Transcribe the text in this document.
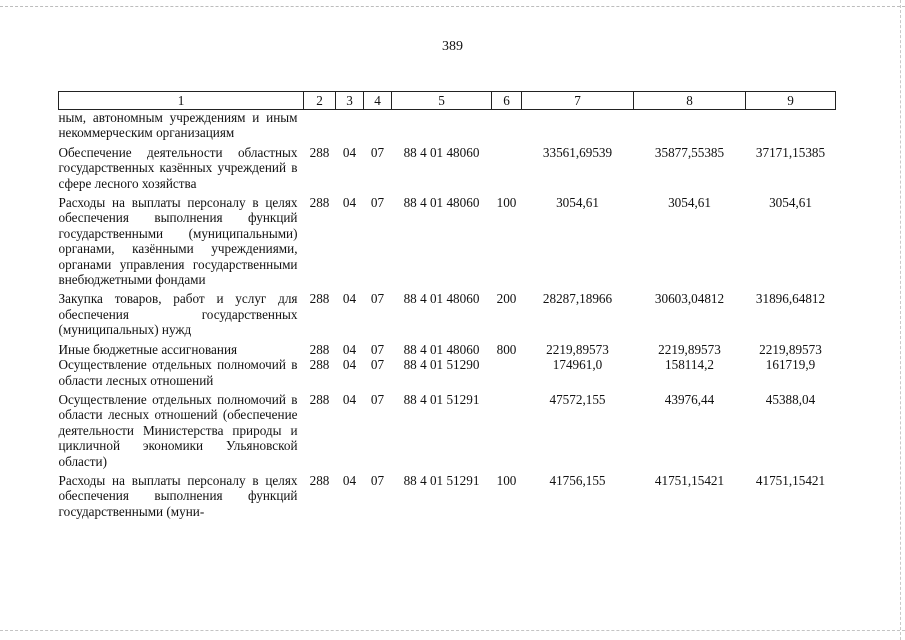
389
1	2	3	4	5	6	7	8	9
ным, автономным учреждениям и иным некоммерческим организациям								
Обеспечение деятельности областных государственных казённых учреждений в сфере лесного хозяйства	288	04	07	88 4 01 48060		33561,69539	35877,55385	37171,15385
Расходы на выплаты персоналу в целях обеспечения выполнения функций государственными (муниципальными) органами, казёнными учреждениями, органами управления государственными внебюджетными фондами	288	04	07	88 4 01 48060	100	3054,61	3054,61	3054,61
Закупка товаров, работ и услуг для обеспечения государственных (муниципальных) нужд	288	04	07	88 4 01 48060	200	28287,18966	30603,04812	31896,64812
Иные бюджетные ассигнования	288	04	07	88 4 01 48060	800	2219,89573	2219,89573	2219,89573
Осуществление отдельных полномочий в области лесных отношений	288	04	07	88 4 01 51290		174961,0	158114,2	161719,9
Осуществление отдельных полномочий в области лесных отношений (обеспечение деятельности Министерства природы и цикличной экономики Ульяновской области)	288	04	07	88 4 01 51291		47572,155	43976,44	45388,04
Расходы на выплаты персоналу в целях обеспечения выполнения функций государственными (муни-	288	04	07	88 4 01 51291	100	41756,155	41751,15421	41751,15421
